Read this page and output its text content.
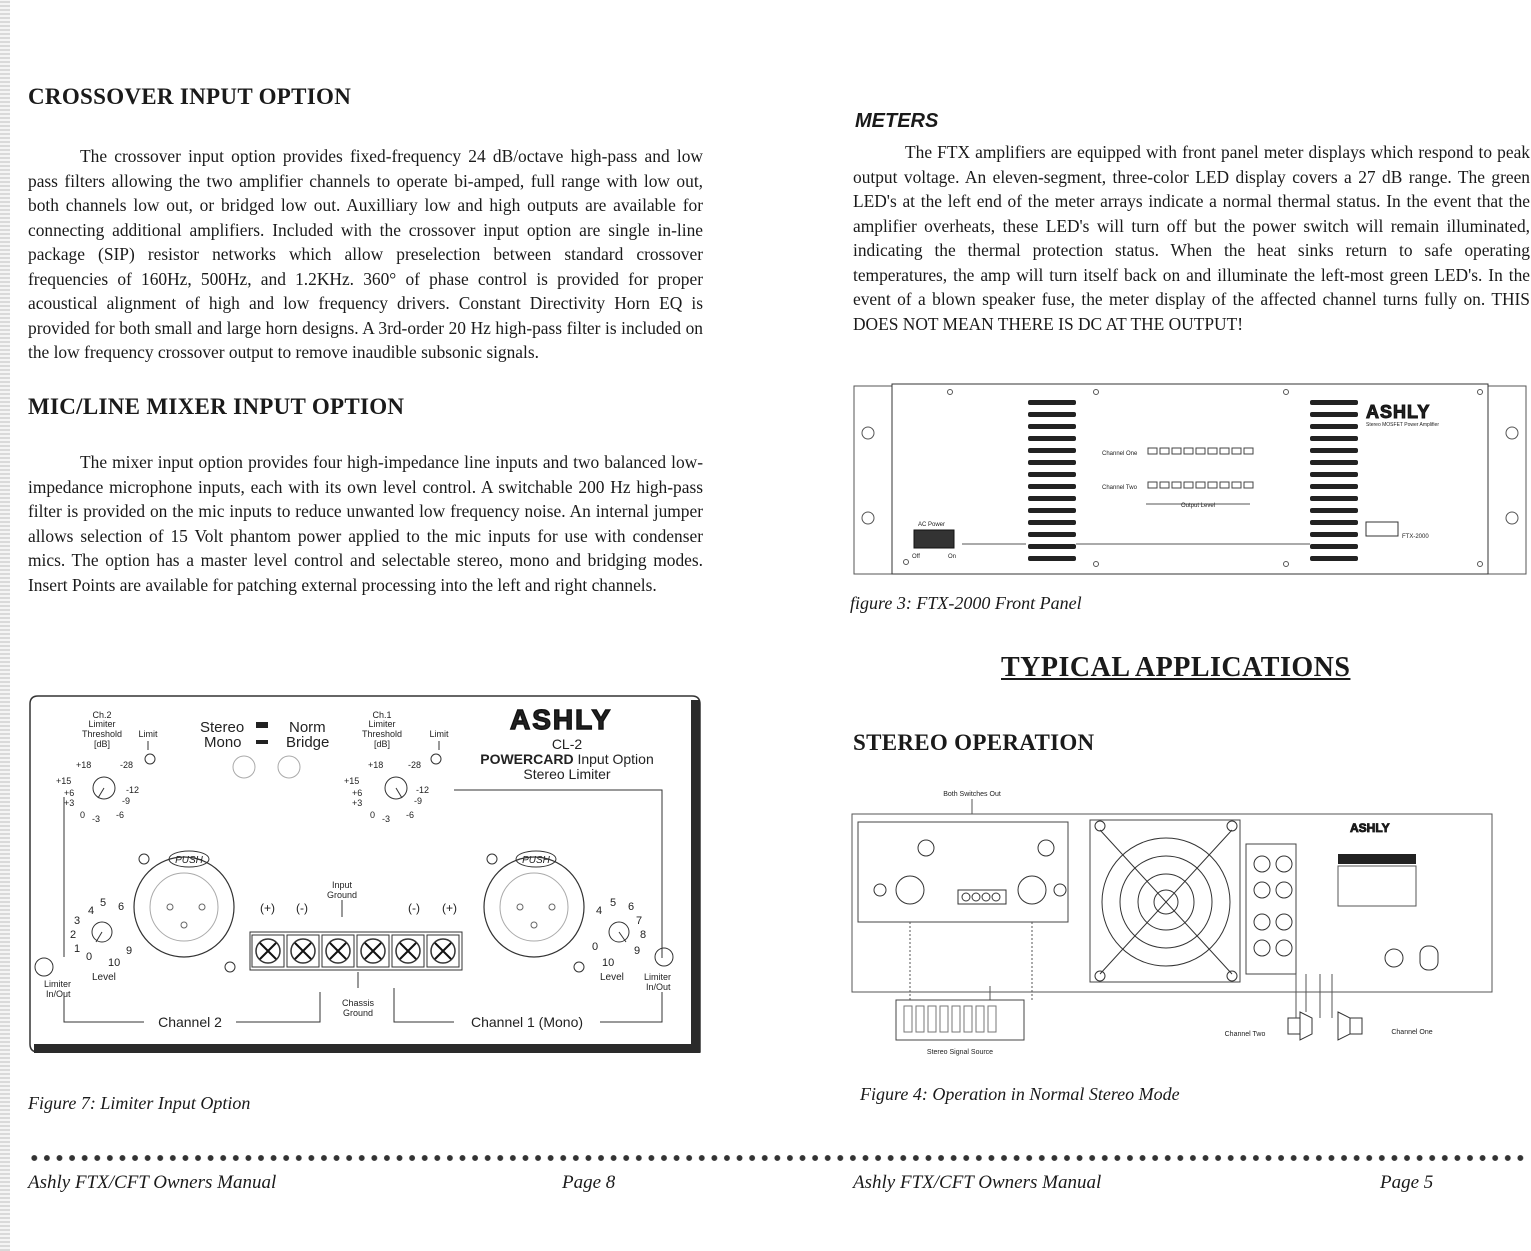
CROSSOVER INPUT OPTION

The crossover input option provides fixed-frequency 24 dB/octave high-pass and low pass filters allowing the two amplifier channels to operate bi-amped, full range with low out, both channels low out, or bridged low out. Auxilliary low and high outputs are available for connecting additional amplifiers. Included with the crossover input option are single in-line package (SIP) resistor networks which allow preselection between standard crossover frequencies of 160Hz, 500Hz, and 1.2KHz. 360° of phase control is provided for proper acoustical alignment of high and low frequency drivers. Constant Directivity Horn EQ is provided for both small and large horn designs. A 3rd-order 20 Hz high-pass filter is included on the low frequency crossover output to remove inaudible subsonic signals.

MIC/LINE MIXER INPUT OPTION

The mixer input option provides four high-impedance line inputs and two balanced low-impedance microphone inputs, each with its own level control. A switchable 200 Hz high-pass filter is provided on the mic inputs to reduce unwanted low frequency noise. An internal jumper allows selection of 15 Volt phantom power applied to the mic inputs for use with condenser mics. The option has a master level control and selectable stereo, mono and bridging modes. Insert Points are available for patching external processing into the left and right channels.

Ch.2
Limiter
Threshold
[dB]
Limit
+18	-28
+15
-12
+6
+3	-9
0 -3 -6
Stereo
Mono
Norm
Bridge
Ch.1
Limiter
Threshold
[dB]
Limit
+18	-28
+15
-12
+6
+3	-9
0 -3 -6
ASHLY
CL-2
POWERCARD Input Option
Stereo Limiter
PUSH	PUSH
4
5 6
3
2
1
0 10
9
Limiter
In/Out
Level
4
5 6
7
8
9
0
10
Level Limiter
In/Out
Input
Ground
(+) (-)	(-) (+)
Chassis
Ground
Channel 2	Channel 1 (Mono)
Figure 7: Limiter Input Option
METERS

The FTX amplifiers are equipped with front panel meter displays which respond to peak output voltage. An eleven-segment, three-color LED display covers a 27 dB range. The green LED's at the left end of the meter arrays indicate a normal thermal status. In the event that the amplifier overheats, these LED's will turn off but the power switch will remain illuminated, indicating the thermal protection status. When the heat sinks return to safe operating temperatures, the amp will turn itself back on and illuminate the left-most green LED's. In the event of a blown speaker fuse, the meter display of the affected channel turns fully on. THIS DOES NOT MEAN THERE IS DC AT THE OUTPUT!

Channel One
Channel Two
Output Level
AC Power
Off	On
ASHLY
Stereo MOSFET Power Amplifier
FTX-2000
figure 3: FTX-2000 Front Panel
TYPICAL APPLICATIONS
STEREO OPERATION
Both Switches Out
ASHLY
CAUTION
Stereo Signal Source
Channel Two	Channel One
Figure 4: Operation in Normal Stereo Mode
Ashly FTX/CFT Owners Manual	Page 8	Ashly FTX/CFT Owners Manual	Page 5
